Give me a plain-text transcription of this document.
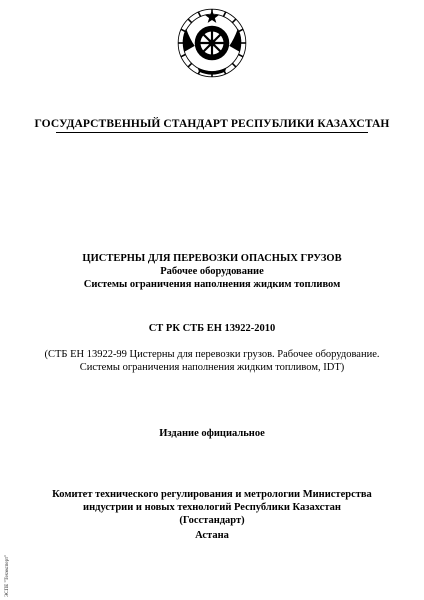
ГОСУДАРСТВЕННЫЙ СТАНДАРТ РЕСПУБЛИКИ КАЗАХСТАН
ЦИСТЕРНЫ ДЛЯ ПЕРЕВОЗКИ ОПАСНЫХ ГРУЗОВ
Рабочее оборудование
Системы ограничения наполнения жидким топливом
СТ РК СТБ ЕН 13922-2010
(СТБ ЕН 13922-99 Цистерны для перевозки грузов. Рабочее оборудование.
Системы ограничения наполнения жидким топливом, IDT)
Издание официальное
Комитет технического регулирования и метрологии Министерства
индустрии и новых технологий Республики Казахстан
(Госстандарт)
Астана
ЭСПЕ "Техэксперт"
